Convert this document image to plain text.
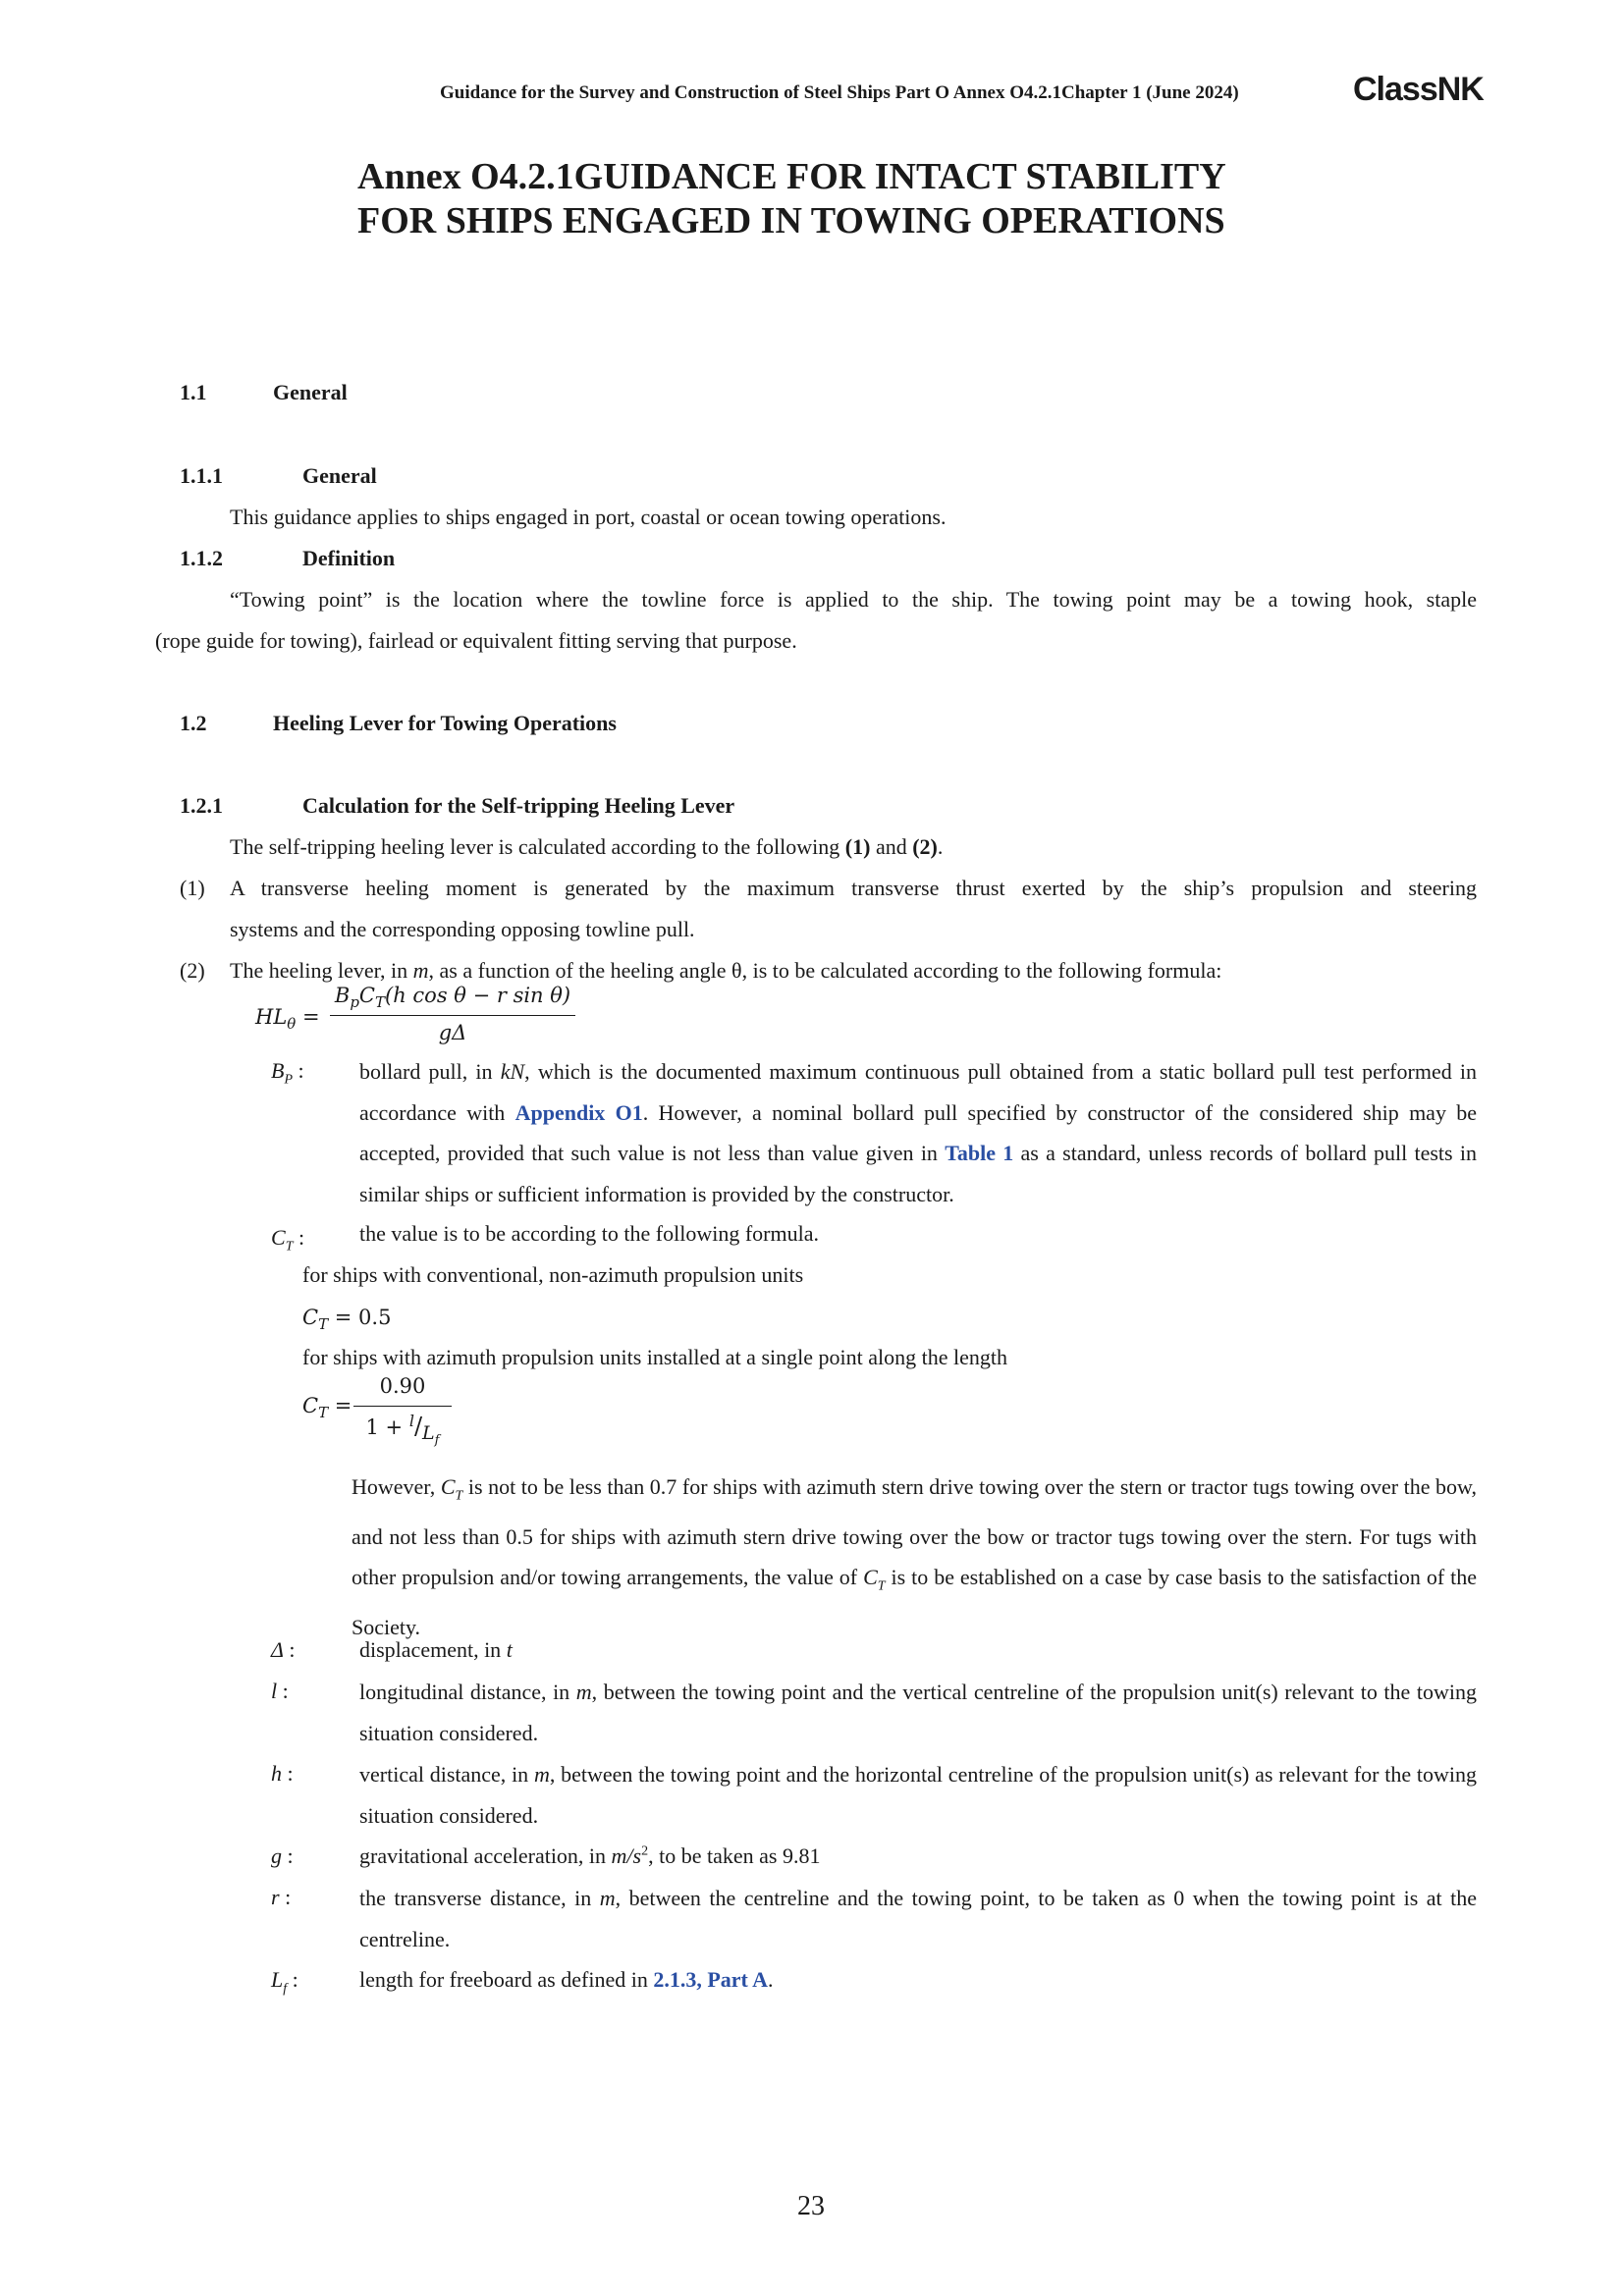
Guidance for the Survey and Construction of Steel Ships Part O Annex O4.2.1Chapter 1 (June 2024)	ClassNK
Annex O4.2.1GUIDANCE FOR INTACT STABILITY
FOR SHIPS ENGAGED IN TOWING OPERATIONS
1.1	General
1.1.1	General
This guidance applies to ships engaged in port, coastal or ocean towing operations.
1.1.2	Definition
“Towing point” is the location where the towline force is applied to the ship. The towing point may be a towing hook, staple
(rope guide for towing), fairlead or equivalent fitting serving that purpose.
1.2	Heeling Lever for Towing Operations
1.2.1	Calculation for the Self-tripping Heeling Lever
The self-tripping heeling lever is calculated according to the following (1) and (2).
(1)	A transverse heeling moment is generated by the maximum transverse thrust exerted by the ship’s propulsion and steering
systems and the corresponding opposing towline pull.
(2)	The heeling lever, in m, as a function of the heeling angle θ, is to be calculated according to the following formula:
$HL_\theta$ =
$B_pC_T(h$ cos θ − r sin θ)
gΔ
$B_P$ :	bollard pull, in kN, which is the documented maximum continuous pull obtained from a static bollard pull test performed in accordance with Appendix O1. However, a nominal bollard pull specified by constructor of the considered ship may be accepted, provided that such value is not less than value given in Table 1 as a standard, unless records of bollard pull tests in similar ships or sufficient information is provided by the constructor.
$C_T$ :	the value is to be according to the following formula.
for ships with conventional, non-azimuth propulsion units
$C_T = 0.5$
for ships with azimuth propulsion units installed at a single point along the length
$C_T$ =
0.90
$1 + ^l/_{L_f}$
However, $C_T$ is not to be less than 0.7 for ships with azimuth stern drive towing over the stern or tractor tugs towing over the bow, and not less than 0.5 for ships with azimuth stern drive towing over the bow or tractor tugs towing over the stern. For tugs with other propulsion and/or towing arrangements, the value of $C_T$ is to be established on a case by case basis to the satisfaction of the Society.
Δ :	displacement, in t
l :	longitudinal distance, in m, between the towing point and the vertical centreline of the propulsion unit(s) relevant to the towing situation considered.
h :	vertical distance, in m, between the towing point and the horizontal centreline of the propulsion unit(s) as relevant for the towing situation considered.
g :	gravitational acceleration, in $m/s^2$, to be taken as 9.81
r :	the transverse distance, in m, between the centreline and the towing point, to be taken as 0 when the towing point is at the centreline.
$L_f$ :	length for freeboard as defined in 2.1.3, Part A.
23
